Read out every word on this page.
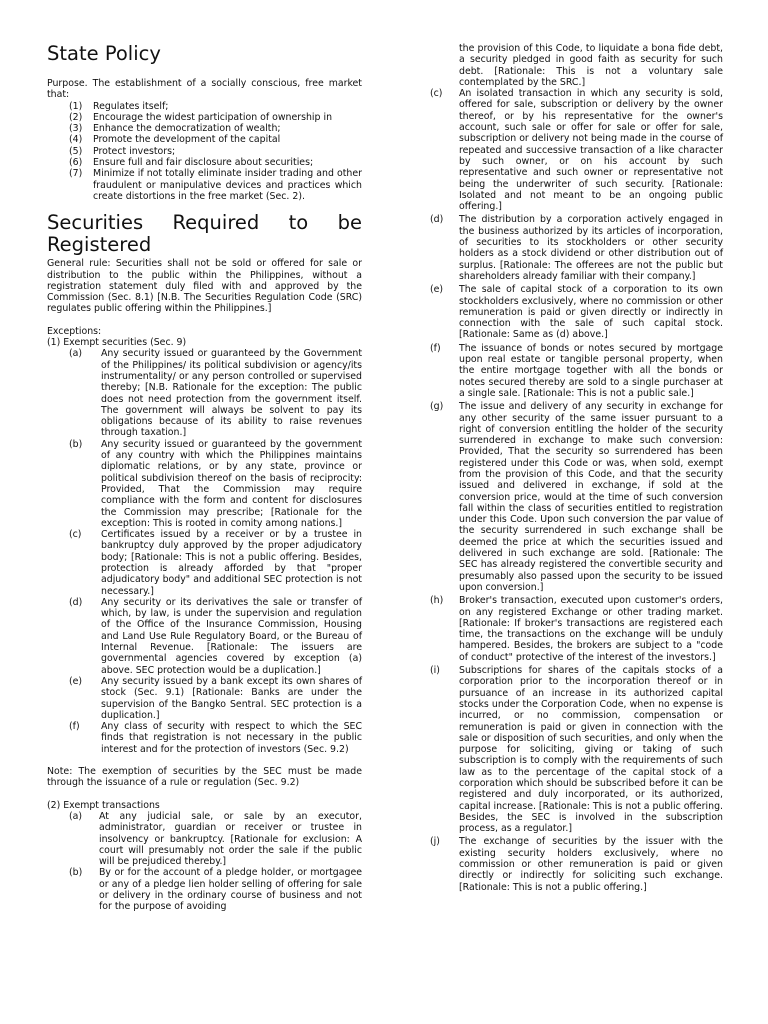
State Policy

Purpose. The establishment of a socially conscious, free market that:

(1)	Regulates itself;
(2)	Encourage the widest participation of ownership in
(3)	Enhance the democratization of wealth;
(4)	Promote the development of the capital
(5)	Protect investors;
(6)	Ensure full and fair disclosure about securities;
(7)	Minimize if not totally eliminate insider trading and other fraudulent or manipulative devices and practices which create distortions in the free market (Sec. 2).
Securities Required to be Registered

General rule: Securities shall not be sold or offered for sale or distribution to the public within the Philippines, without a registration statement duly filed with and approved by the Commission (Sec. 8.1) [N.B. The Securities Regulation Code (SRC) regulates public offering within the Philippines.]

Exceptions:

(1) Exempt securities (Sec. 9)

(a)	Any security issued or guaranteed by the Government of the Philippines/ its political subdivision or agency/its instrumentality/ or any person controlled or supervised thereby; [N.B. Rationale for the exception: The public does not need protection from the government itself. The government will always be solvent to pay its obligations because of its ability to raise revenues through taxation.]
(b)	Any security issued or guaranteed by the government of any country with which the Philippines maintains diplomatic relations, or by any state, province or political subdivision thereof on the basis of reciprocity: Provided, That the Commission may require compliance with the form and content for disclosures the Commission may prescribe; [Rationale for the exception: This is rooted in comity among nations.]
(c)	Certificates issued by a receiver or by a trustee in bankruptcy duly approved by the proper adjudicatory body; [Rationale: This is not a public offering. Besides, protection is already afforded by that "proper adjudicatory body" and additional SEC protection is not necessary.]
(d)	Any security or its derivatives the sale or transfer of which, by law, is under the supervision and regulation of the Office of the Insurance Commission, Housing and Land Use Rule Regulatory Board, or the Bureau of Internal Revenue. [Rationale: The issuers are governmental agencies covered by exception (a) above. SEC protection would be a duplication.]
(e)	Any security issued by a bank except its own shares of stock (Sec. 9.1) [Rationale: Banks are under the supervision of the Bangko Sentral. SEC protection is a duplication.]
(f)	Any class of security with respect to which the SEC finds that registration is not necessary in the public interest and for the protection of investors (Sec. 9.2)

Note: The exemption of securities by the SEC must be made through the issuance of a rule or regulation (Sec. 9.2)

(2) Exempt transactions

(a)	At any judicial sale, or sale by an executor, administrator, guardian or receiver or trustee in insolvency or bankruptcy. [Rationale for exclusion: A court will presumably not order the sale if the public will be prejudiced thereby.]
(b)	By or for the account of a pledge holder, or mortgagee or any of a pledge lien holder selling of offering for sale or delivery in the ordinary course of business and not for the purpose of avoiding

the provision of this Code, to liquidate a bona fide debt, a security pledged in good faith as security for such debt. [Rationale: This is not a voluntary sale contemplated by the SRC.]

(c)	An isolated transaction in which any security is sold, offered for sale, subscription or delivery by the owner thereof, or by his representative for the owner's account, such sale or offer for sale or offer for sale, subscription or delivery not being made in the course of repeated and successive transaction of a like character by such owner, or on his account by such representative and such owner or representative not being the underwriter of such security. [Rationale: Isolated and not meant to be an ongoing public offering.]
(d)	The distribution by a corporation actively engaged in the business authorized by its articles of incorporation, of securities to its stockholders or other security holders as a stock dividend or other distribution out of surplus. [Rationale: The offerees are not the public but shareholders already familiar with their company.]
(e)	The sale of capital stock of a corporation to its own stockholders exclusively, where no commission or other remuneration is paid or given directly or indirectly in connection with the sale of such capital stock. [Rationale: Same as (d) above.]
(f)	The issuance of bonds or notes secured by mortgage upon real estate or tangible personal property, when the entire mortgage together with all the bonds or notes secured thereby are sold to a single purchaser at a single sale. [Rationale: This is not a public sale.]
(g)	The issue and delivery of any security in exchange for any other security of the same issuer pursuant to a right of conversion entitling the holder of the security surrendered in exchange to make such conversion: Provided, That the security so surrendered has been registered under this Code or was, when sold, exempt from the provision of this Code, and that the security issued and delivered in exchange, if sold at the conversion price, would at the time of such conversion fall within the class of securities entitled to registration under this Code. Upon such conversion the par value of the security surrendered in such exchange shall be deemed the price at which the securities issued and delivered in such exchange are sold. [Rationale: The SEC has already registered the convertible security and presumably also passed upon the security to be issued upon conversion.]
(h)	Broker's transaction, executed upon customer's orders, on any registered Exchange or other trading market. [Rationale: If broker's transactions are registered each time, the transactions on the exchange will be unduly hampered. Besides, the brokers are subject to a "code of conduct" protective of the interest of the investors.]
(i)	Subscriptions for shares of the capitals stocks of a corporation prior to the incorporation thereof or in pursuance of an increase in its authorized capital stocks under the Corporation Code, when no expense is incurred, or no commission, compensation or remuneration is paid or given in connection with the sale or disposition of such securities, and only when the purpose for soliciting, giving or taking of such subscription is to comply with the requirements of such law as to the percentage of the capital stock of a corporation which should be subscribed before it can be registered and duly incorporated, or its authorized, capital increase. [Rationale: This is not a public offering. Besides, the SEC is involved in the subscription process, as a regulator.]
(j)	The exchange of securities by the issuer with the existing security holders exclusively, where no commission or other remuneration is paid or given directly or indirectly for soliciting such exchange. [Rationale: This is not a public offering.]
